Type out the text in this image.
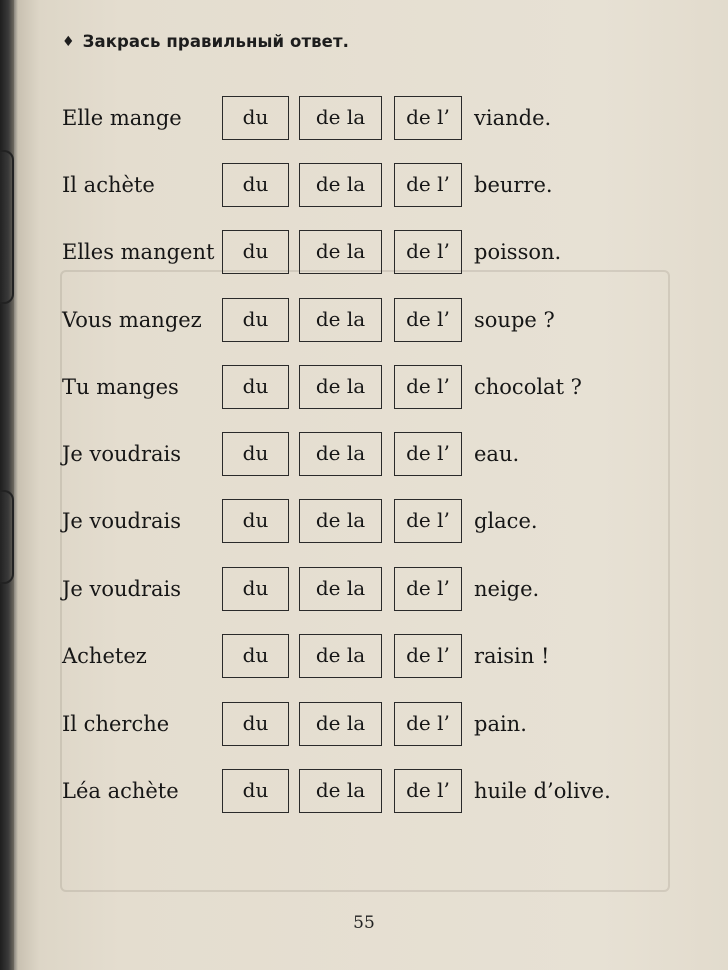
♦ Закрась правильный ответ.
Elle mange	du	de la	de l’	viande.
Il achète	du	de la	de l’	beurre.
Elles mangent	du	de la	de l’	poisson.
Vous mangez	du	de la	de l’	soupe ?
Tu manges	du	de la	de l’	chocolat ?
Je voudrais	du	de la	de l’	eau.
Je voudrais	du	de la	de l’	glace.
Je voudrais	du	de la	de l’	neige.
Achetez	du	de la	de l’	raisin !
Il cherche	du	de la	de l’	pain.
Léa achète	du	de la	de l’	huile d’olive.
55
